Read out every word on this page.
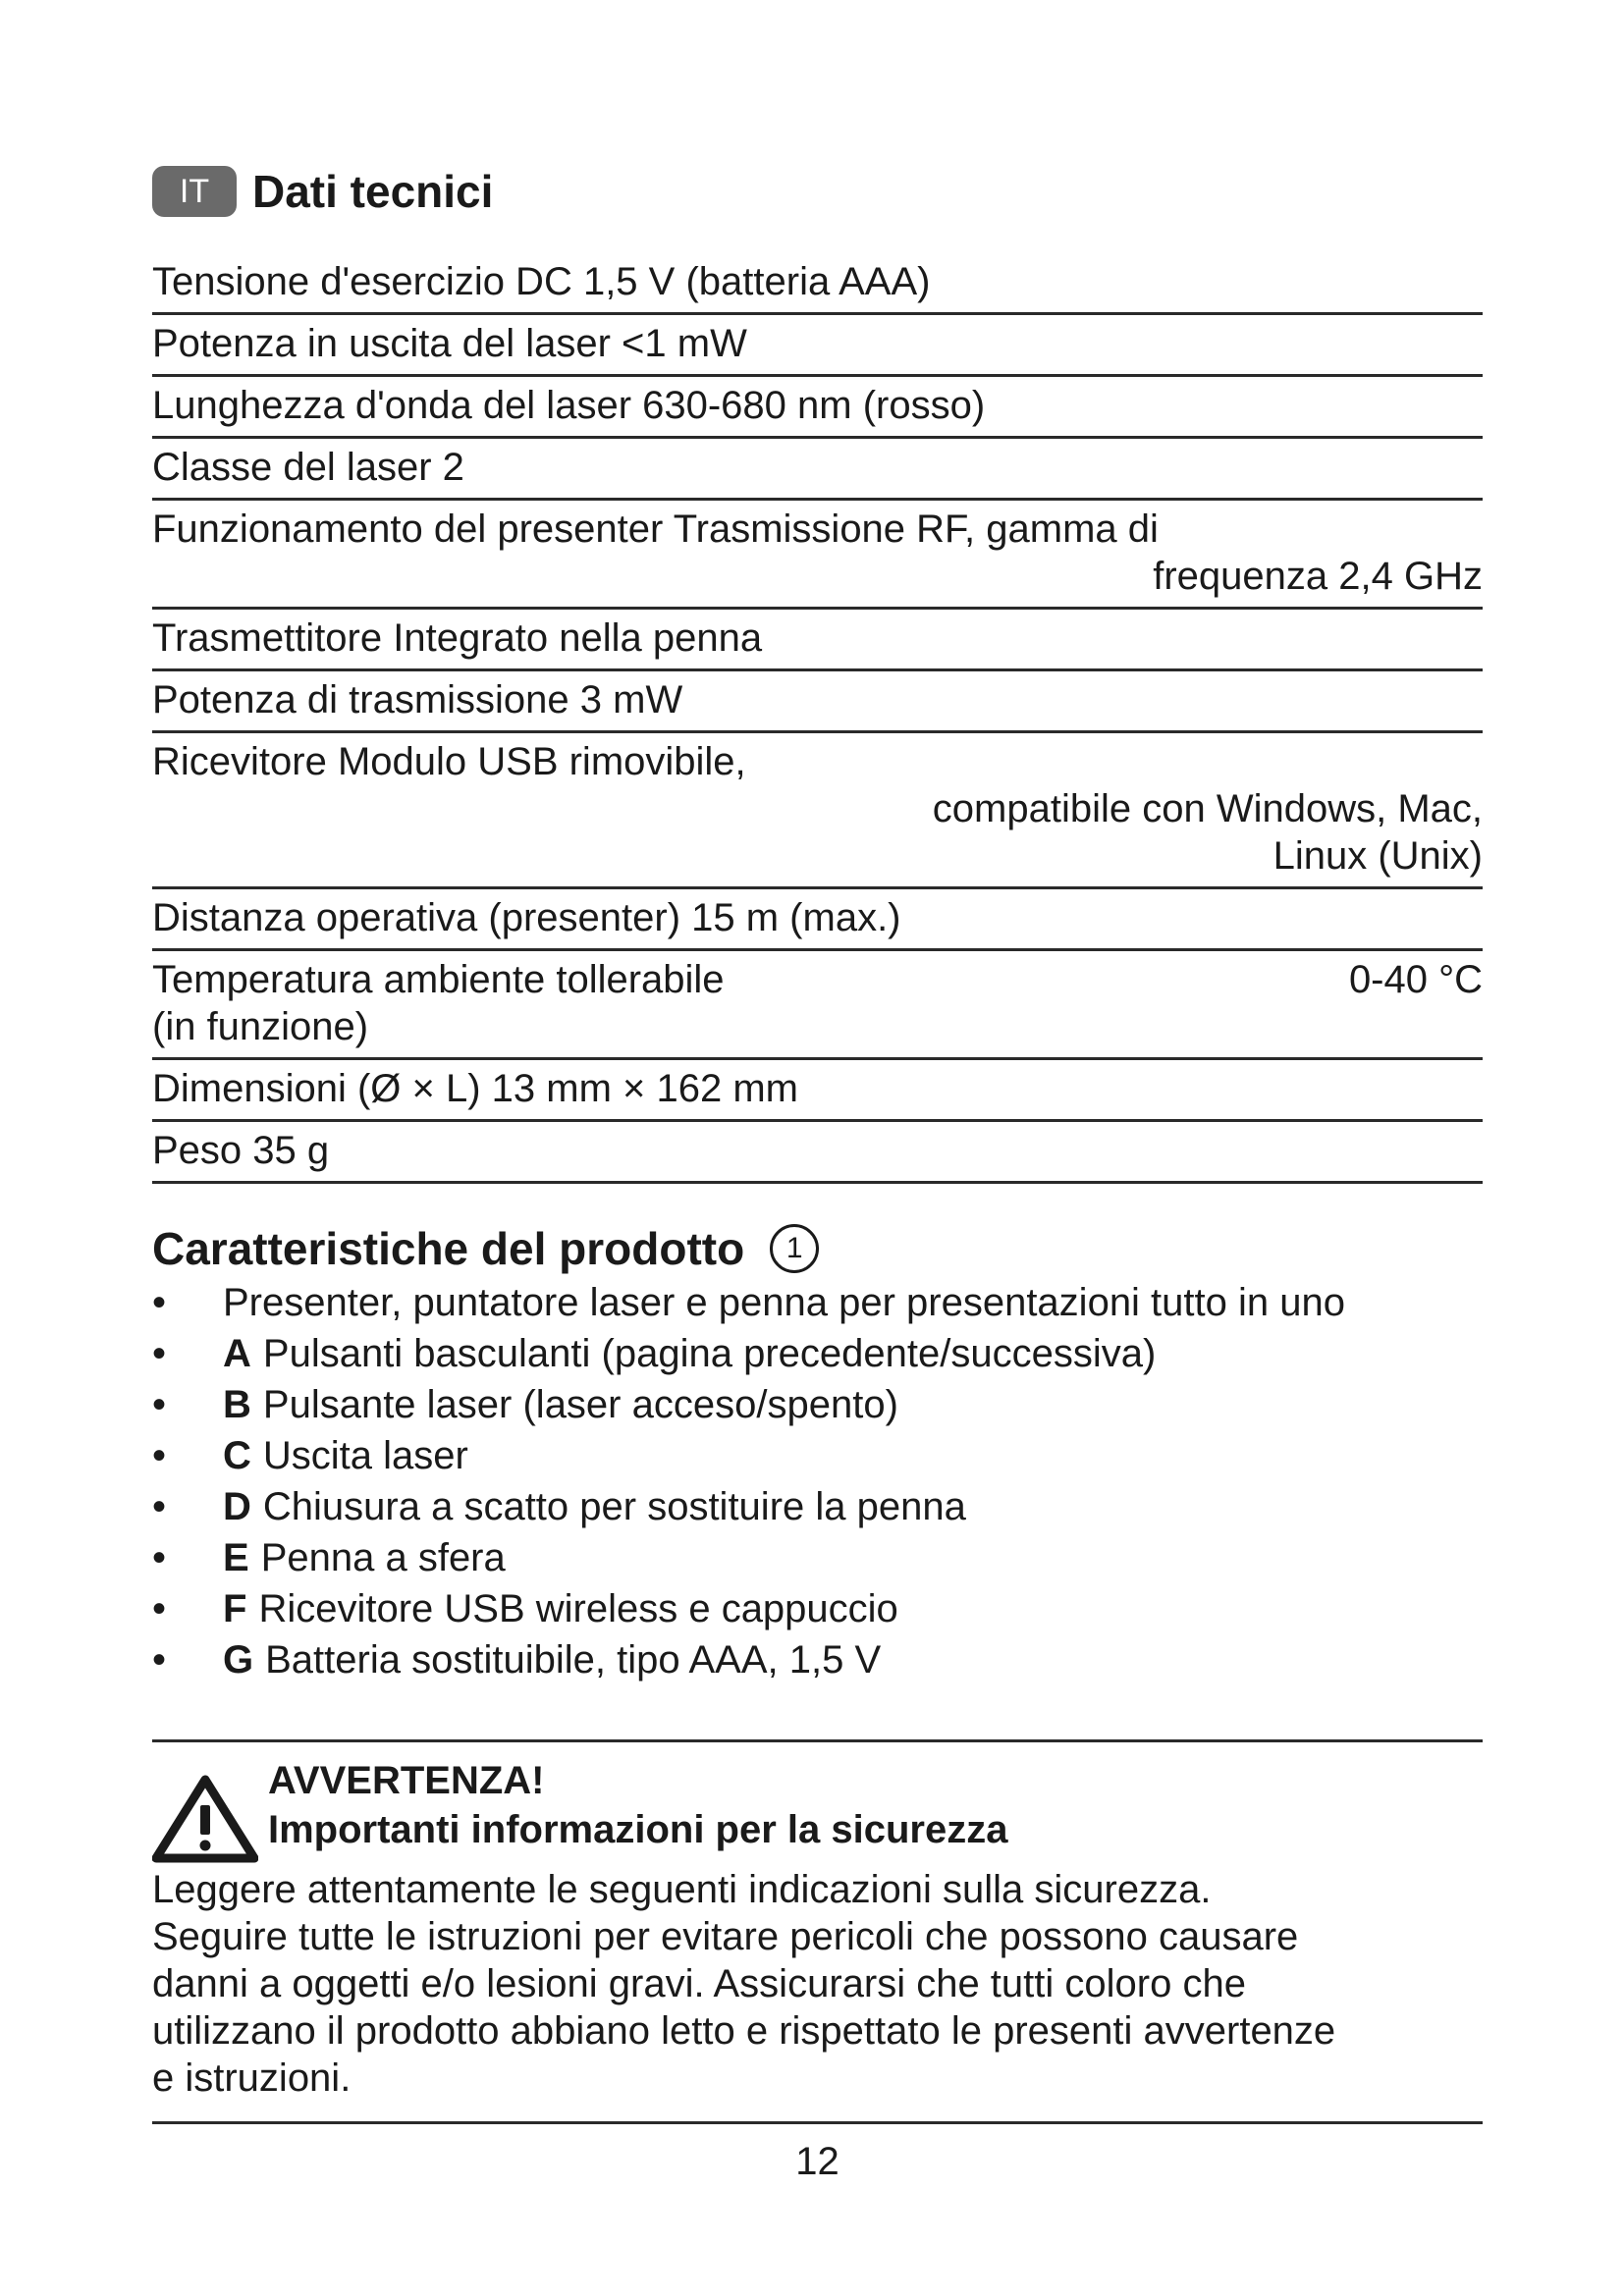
IT Dati tecnici
Tensione d'esercizio DC 1,5 V (batteria AAA)
Potenza in uscita del laser <1 mW
Lunghezza d'onda del laser 630-680 nm (rosso)
Classe del laser 2
Funzionamento del presenter Trasmissione RF, gamma di
frequenza 2,4 GHz
Trasmettitore Integrato nella penna
Potenza di trasmissione 3 mW
Ricevitore Modulo USB rimovibile,
compatibile con Windows, Mac,
Linux (Unix)
Distanza operativa (presenter) 15 m (max.)
Temperatura ambiente tollerabile	0-40 °C
(in funzione)
Dimensioni (Ø × L) 13 mm × 162 mm
Peso 35 g
Caratteristiche del prodotto	1
• Presenter, puntatore laser e penna per presentazioni tutto in uno
• A Pulsanti basculanti (pagina precedente/successiva)
• B Pulsante laser (laser acceso/spento)
• C Uscita laser
• D Chiusura a scatto per sostituire la penna
• E Penna a sfera
• F Ricevitore USB wireless e cappuccio
• G Batteria sostituibile, tipo AAA, 1,5 V
AVVERTENZA!
Importanti informazioni per la sicurezza
Leggere attentamente le seguenti indicazioni sulla sicurezza.
Seguire tutte le istruzioni per evitare pericoli che possono causare
danni a oggetti e/o lesioni gravi. Assicurarsi che tutti coloro che
utilizzano il prodotto abbiano letto e rispettato le presenti avvertenze
e istruzioni.
12
